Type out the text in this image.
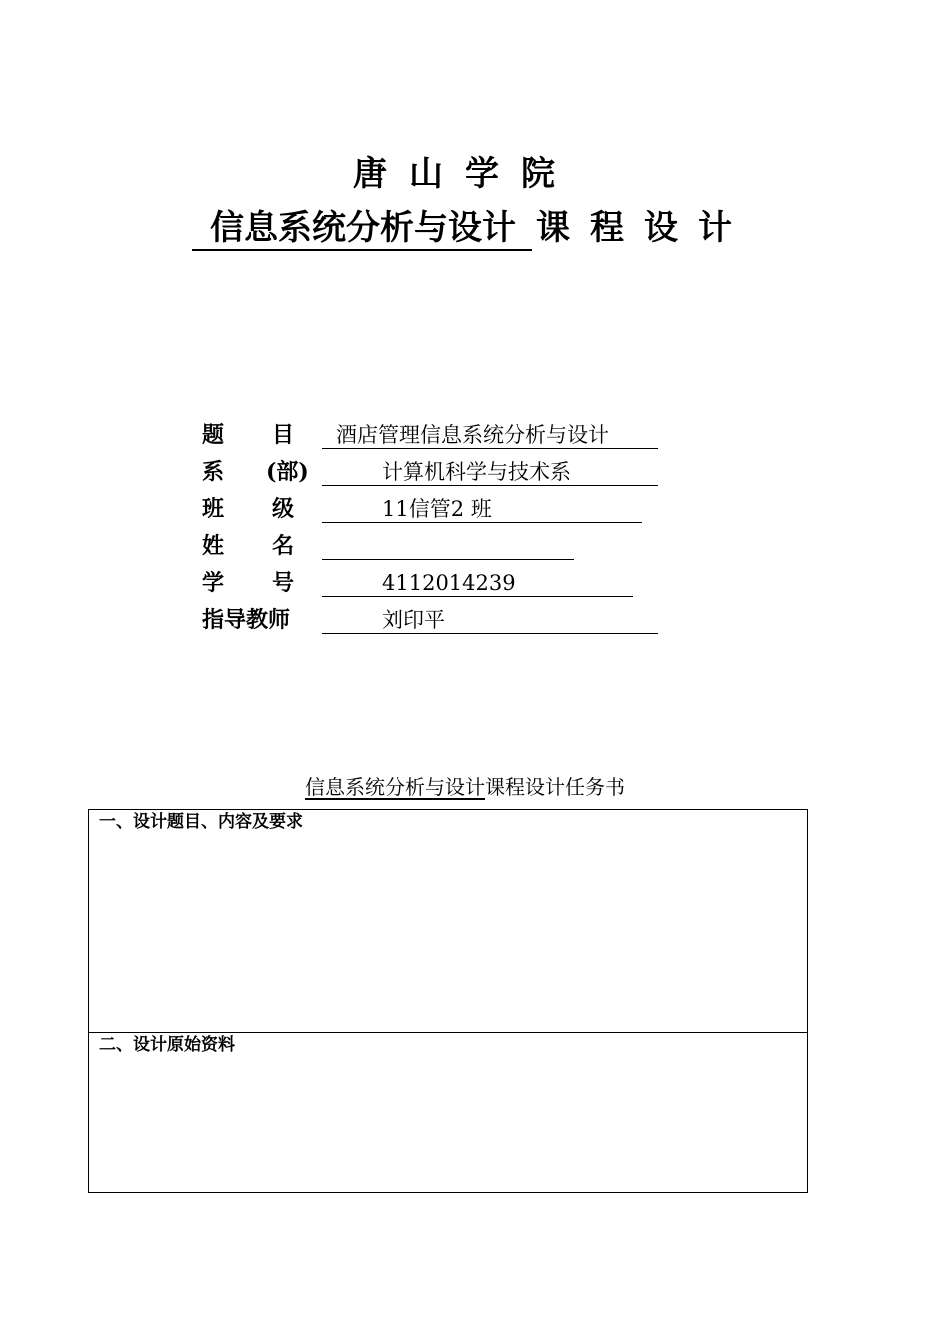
唐山学院
信息系统分析与设计 课程设计
题 目 酒店管理信息系统分析与设计
系 (部)	计算机科学与技术系
班 级	11信管2 班
姓 名
学 号	4112014239
指导教师	刘印平
信息系统分析与设计课程设计任务书
一、设计题目、内容及要求
二、设计原始资料
